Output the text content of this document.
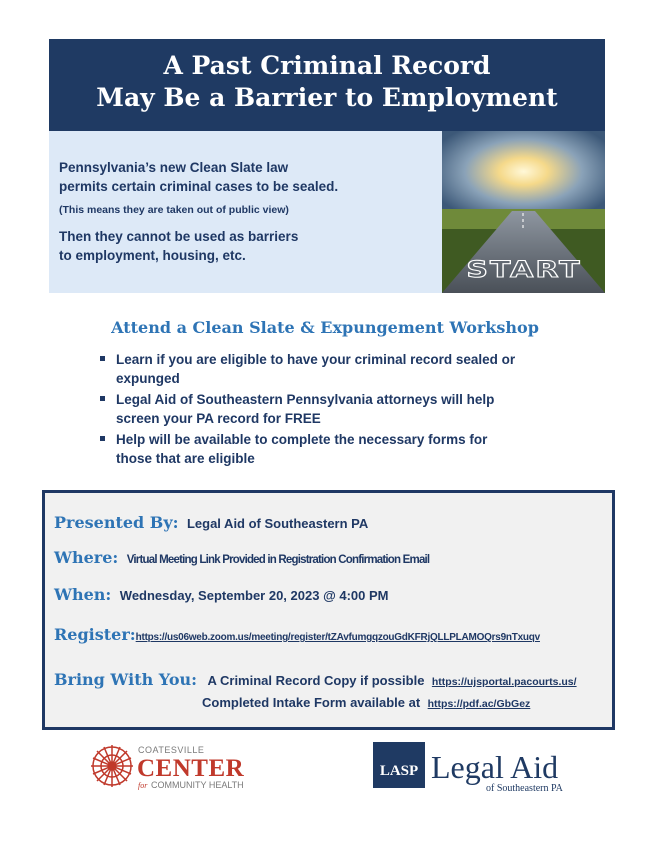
A Past Criminal Record
May Be a Barrier to Employment

Pennsylvania’s new Clean Slate law
permits certain criminal cases to be sealed.

(This means they are taken out of public view)

Then they cannot be used as barriers
to employment, housing, etc.

START
Attend a Clean Slate & Expungement Workshop
Learn if you are eligible to have your criminal record sealed or
expunged
Legal Aid of Southeastern Pennsylvania attorneys will help
screen your PA record for FREE
Help will be available to complete the necessary forms for
those that are eligible
Presented By: Legal Aid of Southeastern PA
Where: Virtual Meeting Link Provided in Registration Confirmation Email
When: Wednesday, September 20, 2023 @ 4:00 PM
Register:https://us06web.zoom.us/meeting/register/tZAvfumgqzouGdKFRjQLLPLAMOQrs9nTxuqv
Bring With You: A Criminal Record Copy if possible https://ujsportal.pacourts.us/
Completed Intake Form available at https://pdf.ac/GbGez
COATESVILLE
CENTER
for COMMUNITY HEALTH
LASP Legal Aid
of Southeastern PA
